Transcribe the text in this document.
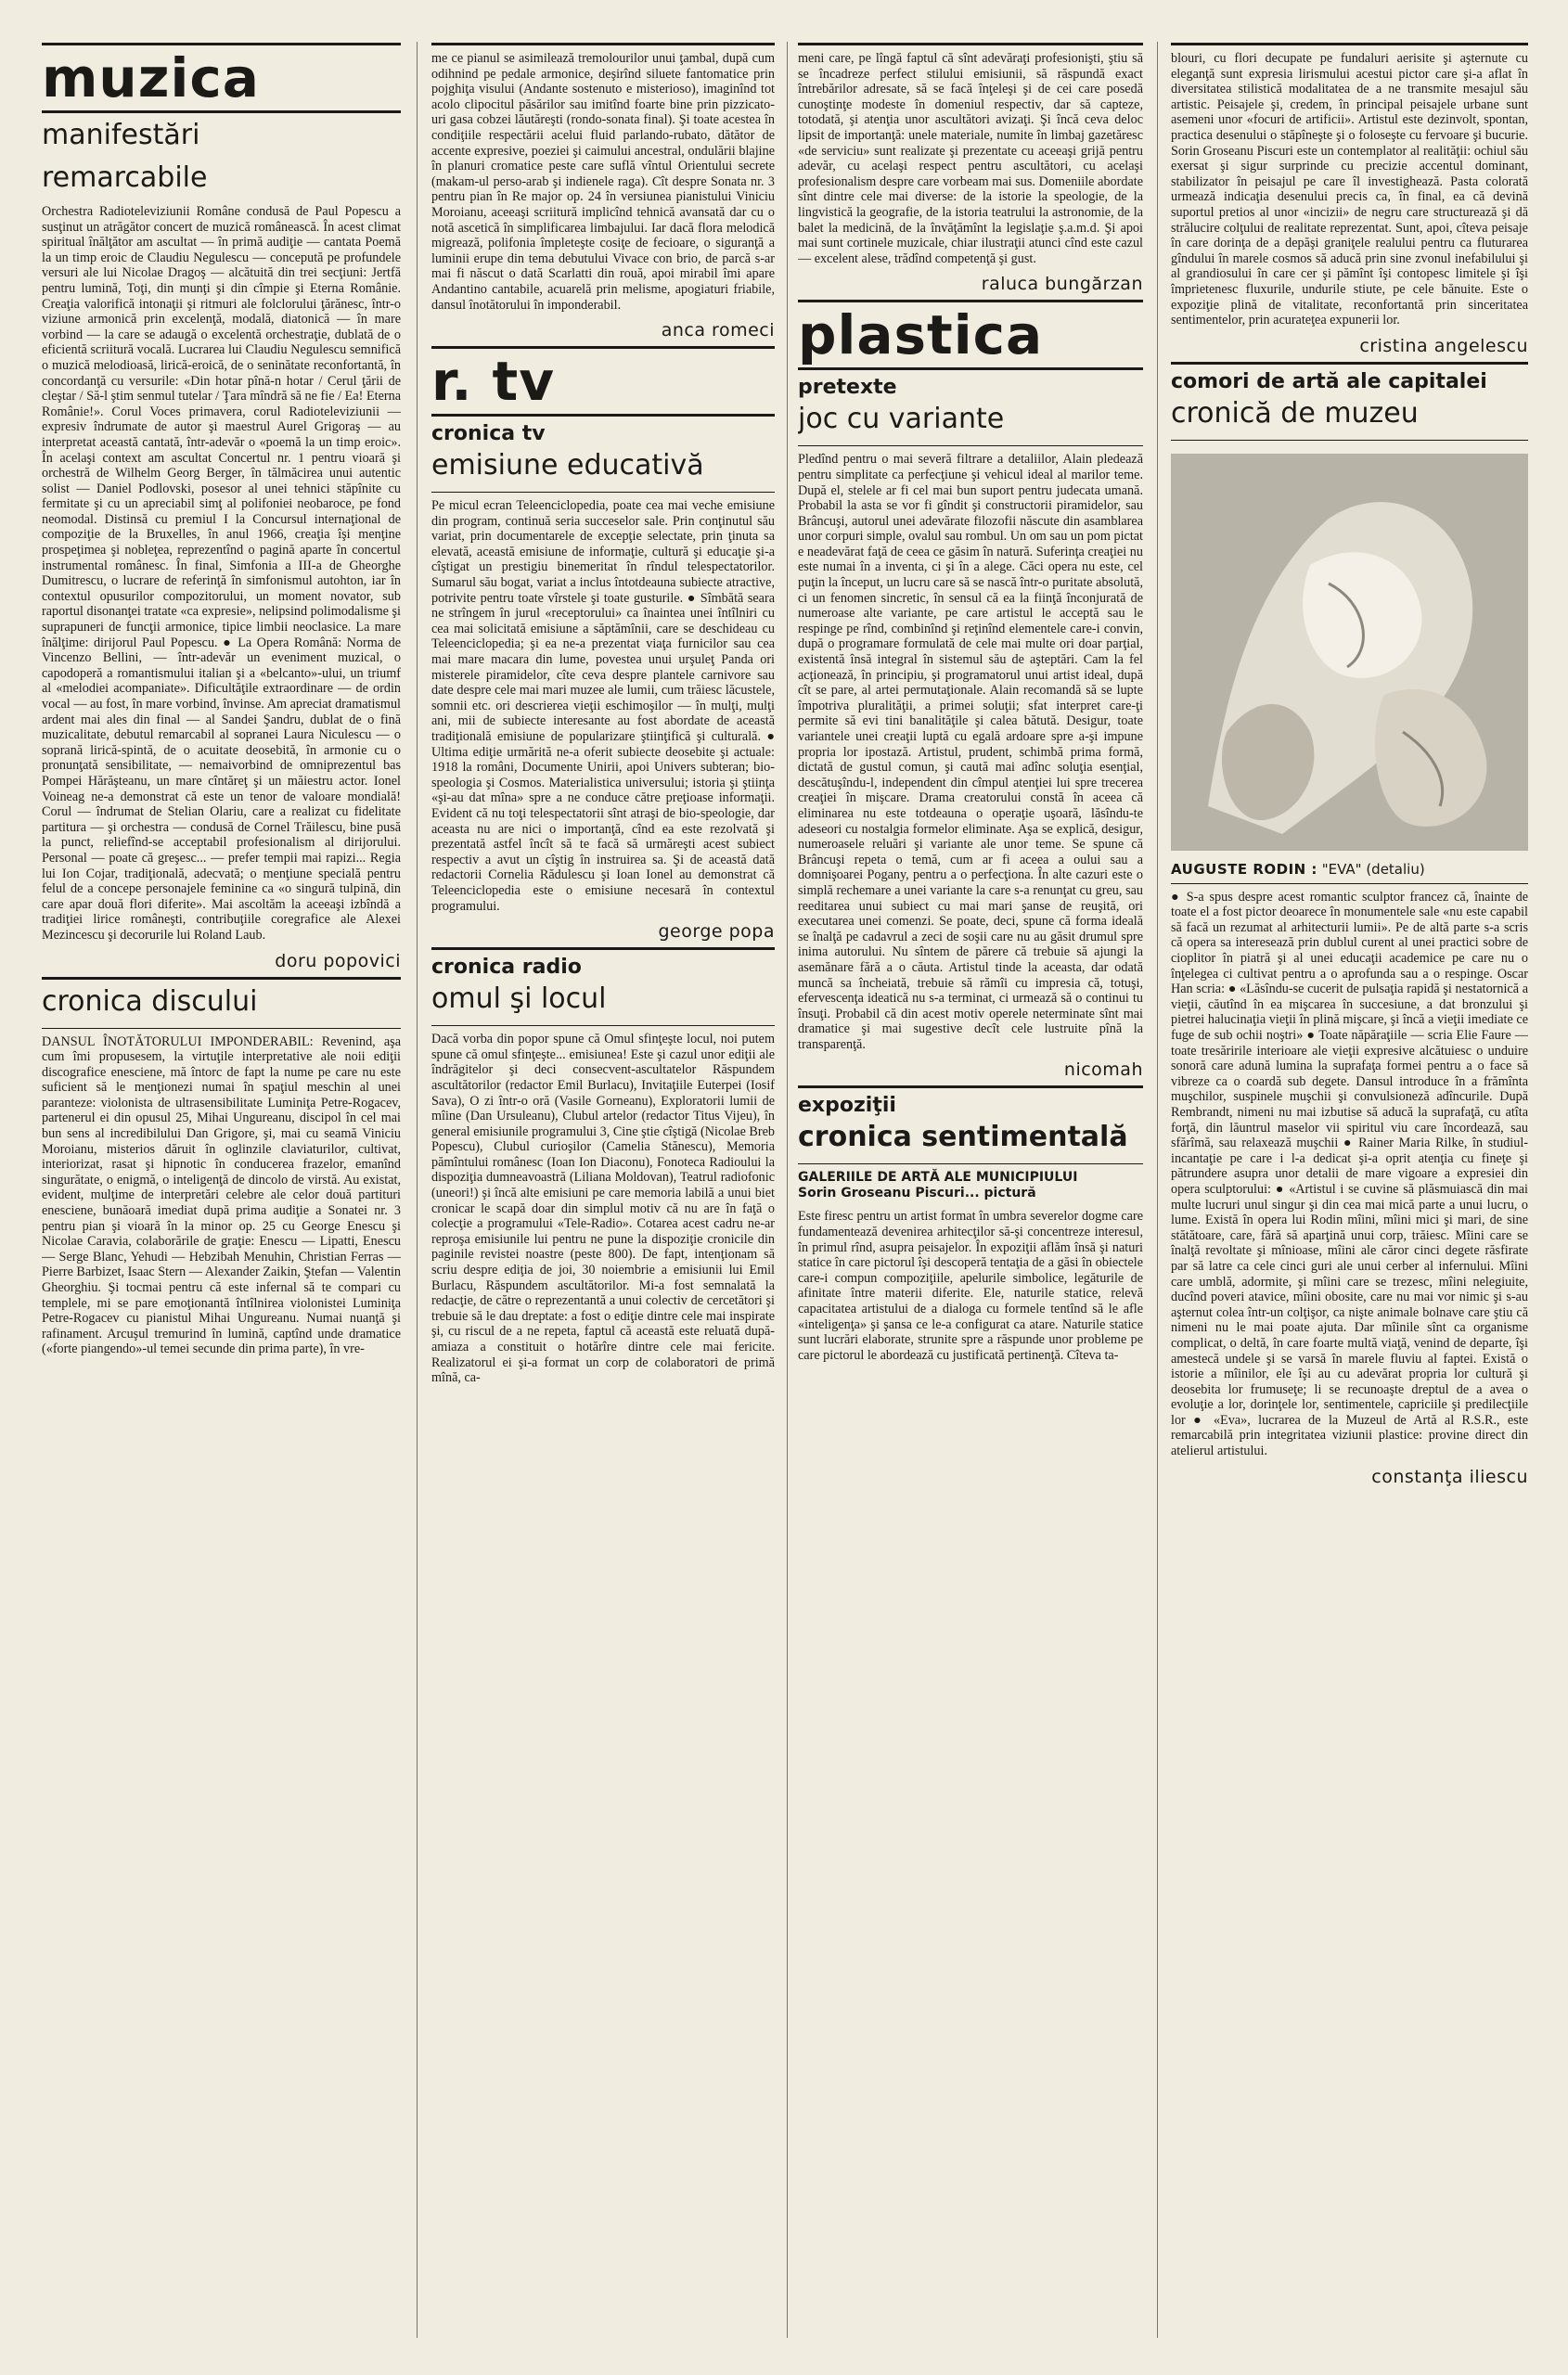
muzica
manifestări
remarcabile

Orchestra Radioteleviziunii Române condusă de Paul Popescu a susţinut un atrăgător concert de muzică românească. În acest climat spiritual înălţător am ascultat — în primă audiţie — cantata Poemă la un timp eroic de Claudiu Negulescu — concepută pe profundele versuri ale lui Nicolae Dragoş — alcătuită din trei secţiuni: Jertfă pentru lumină, Toţi, din munţi şi din cîmpie şi Eterna Românie. Creaţia valorifică intonaţii şi ritmuri ale folclorului ţărănesc, într-o viziune armonică prin excelenţă, modală, diatonică — în mare vorbind — la care se adaugă o excelentă orchestraţie, dublată de o eficientă scriitură vocală. Lucrarea lui Claudiu Negulescu semnifică o muzică melodioasă, lirică-eroică, de o seninătate reconfortantă, în concordanţă cu versurile: «Din hotar pînă-n hotar / Cerul ţării de cleştar / Să-l ştim senmul tutelar / Ţara mîndră să ne fie / Ea! Eterna Românie!». Corul Voces primavera, corul Radioteleviziunii — expresiv îndrumate de autor şi maestrul Aurel Grigoraş — au interpretat această cantată, într-adevăr o «poemă la un timp eroic». În acelaşi context am ascultat Concertul nr. 1 pentru vioară şi orchestră de Wilhelm Georg Berger, în tălmăcirea unui autentic solist — Daniel Podlovski, posesor al unei tehnici stăpînite cu fermitate şi cu un apreciabil simţ al polifoniei neobaroce, pe fond neomodal. Distinsă cu premiul I la Concursul internaţional de compoziţie de la Bruxelles, în anul 1966, creaţia îşi menţine prospeţimea şi nobleţea, reprezentînd o pagină aparte în concertul instrumental românesc. În final, Simfonia a III-a de Gheorghe Dumitrescu, o lucrare de referinţă în simfonismul autohton, iar în contextul opusurilor compozitorului, un moment novator, sub raportul disonanţei tratate «ca expresie», nelipsind polimodalisme şi suprapuneri de funcţii armonice, tipice limbii neoclasice. La mare înălţime: dirijorul Paul Popescu. ● La Opera Română: Norma de Vincenzo Bellini, — într-adevăr un eveniment muzical, o capodoperă a romantismului italian şi a «belcanto»-ului, un triumf al «melodiei acompaniate». Dificultăţile extraordinare — de ordin vocal — au fost, în mare vorbind, învinse. Am apreciat dramatismul ardent mai ales din final — al Sandei Şandru, dublat de o fină muzicalitate, debutul remarcabil al sopranei Laura Niculescu — o soprană lirică-spintă, de o acuitate deosebită, în armonie cu o pronunţată sensibilitate, — nemaivorbind de omniprezentul bas Pompei Hărăşteanu, un mare cîntăreţ şi un măiestru actor. Ionel Voineag ne-a demonstrat că este un tenor de valoare mondială! Corul — îndrumat de Stelian Olariu, care a realizat cu fidelitate partitura — şi orchestra — condusă de Cornel Trăilescu, bine pusă la punct, reliefînd-se acceptabil profesionalism al dirijorului. Personal — poate că greşesc... — prefer tempii mai rapizi... Regia lui Ion Cojar, tradiţională, adecvată; o menţiune specială pentru felul de a concepe personajele feminine ca «o singură tulpină, din care apar două flori diferite». Mai ascoltăm la aceeaşi izbîndă a tradiţiei lirice româneşti, contribuţiile coregrafice ale Alexei Mezincescu şi decorurile lui Roland Laub.

doru popovici
cronica discului

DANSUL ÎNOTĂTORULUI IMPONDERABIL: Revenind, aşa cum îmi propusesem, la virtuţile interpretative ale noii ediţii discografice enesciene, mă întorc de fapt la nume pe care nu este suficient să le menţionezi numai în spaţiul meschin al unei paranteze: violonista de ultrasensibilitate Luminiţa Petre-Rogacev, partenerul ei din opusul 25, Mihai Ungureanu, discipol în cel mai bun sens al incredibilului Dan Grigore, şi, mai cu seamă Viniciu Moroianu, misterios dăruit în oglinzile claviaturilor, cultivat, interiorizat, rasat şi hipnotic în conducerea frazelor, emanînd singurătate, o enigmă, o inteligenţă de dincolo de virstă. Au existat, evident, mulţime de interpretări celebre ale celor două partituri enesciene, bunăoară imediat după prima audiţie a Sonatei nr. 3 pentru pian şi vioară în la minor op. 25 cu George Enescu şi Nicolae Caravia, colaborările de graţie: Enescu — Lipatti, Enescu — Serge Blanc, Yehudi — Hebzibah Menuhin, Christian Ferras — Pierre Barbizet, Isaac Stern — Alexander Zaikin, Ştefan — Valentin Gheorghiu. Şi tocmai pentru că este infernal să te compari cu templele, mi se pare emoţionantă întîlnirea violonistei Luminiţa Petre-Rogacev cu pianistul Mihai Ungureanu. Numai nuanţă şi rafinament. Arcuşul tremurind în lumină, captînd unde dramatice («forte piangendo»-ul temei secunde din prima parte), în vre-

me ce pianul se asimilează tremolourilor unui ţambal, după cum odihnind pe pedale armonice, deşirînd siluete fantomatice prin pojghiţa visului (Andante sostenuto e misterioso), imaginînd tot acolo clipocitul păsărilor sau imitînd foarte bine prin pizzicato-uri gasa cobzei lăutăreşti (rondo-sonata final). Şi toate acestea în condiţiile respectării acelui fluid parlando-rubato, dătător de accente expresive, poeziei şi caimului ancestral, ondulării blajine în planuri cromatice peste care suflă vîntul Orientului secrete (makam-ul perso-arab şi indienele raga). Cît despre Sonata nr. 3 pentru pian în Re major op. 24 în versiunea pianistului Viniciu Moroianu, aceeaşi scriitură implicînd tehnică avansată dar cu o notă ascetică în simplificarea limbajului. Iar dacă flora melodică migrează, polifonia împleteşte cosiţe de fecioare, o siguranţă a luminii erupe din tema debutului Vivace con brio, de parcă s-ar mai fi născut o dată Scarlatti din rouă, apoi mirabil îmi apare Andantino cantabile, acuarelă prin melisme, apogiaturi friabile, dansul înotătorului în imponderabil.

anca romeci
r. tv
cronica tv
emisiune educativă

Pe micul ecran Teleenciclopedia, poate cea mai veche emisiune din program, continuă seria succeselor sale. Prin conţinutul său variat, prin documentarele de excepţie selectate, prin ţinuta sa elevată, această emisiune de informaţie, cultură şi educaţie şi-a cîştigat un prestigiu binemeritat în rîndul telespectatorilor. Sumarul său bogat, variat a inclus întotdeauna subiecte atractive, potrivite pentru toate vîrstele şi toate gusturile. ● Sîmbătă seara ne strîngem în jurul «receptorului» ca înaintea unei întîlniri cu cea mai solicitată emisiune a săptămînii, care se deschideau cu Teleenciclopedia; şi ea ne-a prezentat viaţa furnicilor sau cea mai mare macara din lume, povestea unui urşuleţ Panda ori misterele piramidelor, cîte ceva despre plantele carnivore sau date despre cele mai mari muzee ale lumii, cum trăiesc lăcustele, somnii etc. ori descrierea vieţii eschimoşilor — în mulţi, mulţi ani, mii de subiecte interesante au fost abordate de această tradiţională emisiune de popularizare ştiinţifică şi culturală. ● Ultima ediţie urmărită ne-a oferit subiecte deosebite şi actuale: 1918 la români, Documente Unirii, apoi Univers subteran; bio-speologia şi Cosmos. Materialistica universului; istoria şi ştiinţa «şi-au dat mîna» spre a ne conduce către preţioase informaţii. Evident că nu toţi telespectatorii sînt atraşi de bio-speologie, dar aceasta nu are nici o importanţă, cînd ea este rezolvată şi prezentată astfel încît să te facă să urmăreşti acest subiect respectiv a avut un cîştig în instruirea sa. Şi de această dată redactorii Cornelia Rădulescu şi Ioan Ionel au demonstrat că Teleenciclopedia este o emisiune necesară în contextul programului.

george popa
cronica radio
omul şi locul

Dacă vorba din popor spune că Omul sfinţeşte locul, noi putem spune că omul sfinţeşte... emisiunea! Este şi cazul unor ediţii ale îndrăgitelor şi deci consecvent-ascultatelor Răspundem ascultătorilor (redactor Emil Burlacu), Invitaţiile Euterpei (Iosif Sava), O zi într-o oră (Vasile Gorneanu), Exploratorii lumii de mîine (Dan Ursuleanu), Clubul artelor (redactor Titus Vijeu), în general emisiunile programului 3, Cine ştie cîştigă (Nicolae Breb Popescu), Clubul curioşilor (Camelia Stănescu), Memoria pămîntului românesc (Ioan Ion Diaconu), Fonoteca Radioului la dispoziţia dumneavoastră (Liliana Moldovan), Teatrul radiofonic (uneori!) şi încă alte emisiuni pe care memoria labilă a unui biet cronicar le scapă doar din simplul motiv că nu are în faţă o colecţie a programului «Tele-Radio». Cotarea acest cadru ne-ar reproşa emisiunile lui pentru ne pune la dispoziţie cronicile din paginile revistei noastre (peste 800). De fapt, intenţionam să scriu despre ediţia de joi, 30 noiembrie a emisiunii lui Emil Burlacu, Răspundem ascultătorilor. Mi-a fost semnalată la redacţie, de către o reprezentantă a unui colectiv de cercetători şi trebuie să le dau dreptate: a fost o ediţie dintre cele mai inspirate şi, cu riscul de a ne repeta, faptul că această este reluată după-amiaza a constituit o hotărîre dintre cele mai fericite. Realizatorul ei şi-a format un corp de colaboratori de primă mînă, ca-

meni care, pe lîngă faptul că sînt adevăraţi profesionişti, ştiu să se încadreze perfect stilului emisiunii, să răspundă exact întrebărilor adresate, să se facă înţeleşi şi de cei care posedă cunoştinţe modeste în domeniul respectiv, dar să capteze, totodată, şi atenţia unor ascultători avizaţi. Şi încă ceva deloc lipsit de importanţă: unele materiale, numite în limbaj gazetăresc «de serviciu» sunt realizate şi prezentate cu aceeaşi grijă pentru adevăr, cu acelaşi respect pentru ascultători, cu acelaşi profesionalism despre care vorbeam mai sus. Domeniile abordate sînt dintre cele mai diverse: de la istorie la speologie, de la lingvistică la geografie, de la istoria teatrului la astronomie, de la balet la medicină, de la învăţămînt la legislaţie ş.a.m.d. Şi apoi mai sunt cortinele muzicale, chiar ilustraţii atunci cînd este cazul — excelent alese, trădînd competenţă şi gust.

raluca bungărzan
plastica
pretexte
joc cu variante

Pledînd pentru o mai severă filtrare a detaliilor, Alain pledează pentru simplitate ca perfecţiune şi vehicul ideal al marilor teme. După el, stelele ar fi cel mai bun suport pentru judecata umană. Probabil la asta se vor fi gîndit şi constructorii piramidelor, sau Brâncuşi, autorul unei adevărate filozofii născute din asamblarea unor corpuri simple, ovalul sau rombul. Un om sau un pom pictat e neadevărat faţă de ceea ce găsim în natură. Suferinţa creaţiei nu este numai în a inventa, ci şi în a alege. Căci opera nu este, cel puţin la început, un lucru care să se nască într-o puritate absolută, ci un fenomen sincretic, în sensul că ea la fiinţă înconjurată de numeroase alte variante, pe care artistul le acceptă sau le respinge pe rînd, combinînd şi reţinînd elementele care-i convin, după o programare formulată de cele mai multe ori doar parţial, existentă însă integral în sistemul său de aşteptări. Cam la fel acţionează, în principiu, şi programatorul unui artist ideal, după cît se pare, al artei permutaţionale. Alain recomandă să se lupte împotriva pluralităţii, a primei soluţii; sfat interpret care-ţi permite să evi tini banalităţile şi calea bătută. Desigur, toate variantele unei creaţii luptă cu egală ardoare spre a-şi impune propria lor ipostază. Artistul, prudent, schimbă prima formă, dictată de gustul comun, şi caută mai adînc soluţia esenţial, descătuşîndu-l, independent din cîmpul atenţiei lui spre trecerea creaţiei în mişcare. Drama creatorului constă în aceea că eliminarea nu este totdeauna o operaţie uşoară, lăsîndu-te adeseori cu nostalgia formelor eliminate. Aşa se explică, desigur, numeroasele reluări şi variante ale unor teme. Se spune că Brâncuşi repeta o temă, cum ar fi aceea a oului sau a domnişoarei Pogany, pentru a o perfecţiona. În alte cazuri este o simplă rechemare a unei variante la care s-a renunţat cu greu, sau reeditarea unui subiect cu mai mari şanse de reuşită, ori executarea unei comenzi. Se poate, deci, spune că forma ideală se înalţă pe cadavrul a zeci de soşii care nu au găsit drumul spre inima autorului. Nu sîntem de părere că trebuie să ajungi la asemănare fără a o căuta. Artistul tinde la aceasta, dar odată muncă sa încheiată, trebuie să rămîi cu impresia că, totuşi, efervescenţa ideatică nu s-a terminat, ci urmează să o continui tu însuţi. Probabil că din acest motiv operele neterminate sînt mai dramatice şi mai sugestive decît cele lustruite pînă la transparenţă.

nicomah
expoziţii
cronica sentimentală

GALERIILE DE ARTĂ ALE MUNICIPIULUI
Sorin Groseanu Piscuri... pictură

Este firesc pentru un artist format în umbra severelor dogme care fundamentează devenirea arhitecţilor să-şi concentreze interesul, în primul rînd, asupra peisajelor. În expoziţii aflăm însă şi naturi statice în care pictorul îşi descoperă tentaţia de a găsi în obiectele care-i compun compoziţiile, apelurile simbolice, legăturile de afinitate între materii diferite. Ele, naturile statice, relevă capacitatea artistului de a dialoga cu formele tentînd să le afle «inteligenţa» şi şansa ce le-a configurat ca atare. Naturile statice sunt lucrări elaborate, strunite spre a răspunde unor probleme pe care pictorul le abordează cu justificată pertinenţă. Cîteva ta-

blouri, cu flori decupate pe fundaluri aerisite şi aşternute cu eleganţă sunt expresia lirismului acestui pictor care şi-a aflat în diversitatea stilistică modalitatea de a ne transmite mesajul său artistic. Peisajele şi, credem, în principal peisajele urbane sunt asemeni unor «focuri de artificii». Artistul este dezinvolt, spontan, practica desenului o stăpîneşte şi o foloseşte cu fervoare şi bucurie. Sorin Groseanu Piscuri este un contemplator al realităţii: ochiul său exersat şi sigur surprinde cu precizie accentul dominant, stabilizator în peisajul pe care îl investighează. Pasta colorată urmează indicaţia desenului precis ca, în final, ea că devină suportul pretios al unor «incizii» de negru care structurează şi dă strălucire colţului de realitate reprezentat. Sunt, apoi, cîteva peisaje în care dorinţa de a depăşi graniţele realului pentru ca fluturarea gîndului în marele cosmos să aducă prin sine zvonul inefabilului şi al grandiosului în care cer şi pămînt îşi contopesc limitele şi îşi împrietenesc fluxurile, undurile stiute, pe cele bănuite. Este o expoziţie plină de vitalitate, reconfortantă prin sinceritatea sentimentelor, prin acurateţea expunerii lor.

cristina angelescu
comori de artă ale capitalei
cronică de muzeu
AUGUSTE RODIN : "EVA" (detaliu)

● S-a spus despre acest romantic sculptor francez că, înainte de toate el a fost pictor deoarece în monumentele sale «nu este capabil să facă un rezumat al arhitecturii lumii». Pe de altă parte s-a scris că opera sa interesează prin dublul curent al unei practici sobre de cioplitor în piatră şi al unei educaţii academice pe care nu o înţelegea ci cultivat pentru a o aprofunda sau a o respinge. Oscar Han scria: ● «Lăsîndu-se cucerit de pulsaţia rapidă şi nestatornică a vieţii, căutînd în ea mişcarea în succesiune, a dat bronzului şi pietrei halucinaţia vieţii în plină mişcare, şi încă a vieţii imediate ce fuge de sub ochii noştri» ● Toate năpăraţiile — scria Elie Faure — toate tresăririle interioare ale vieţii expresive alcătuiesc o unduire sonoră care adună lumina la suprafaţa formei pentru a o face să vibreze ca o coardă sub degete. Dansul introduce în a frămînta muşchilor, suspinele muşchii şi convulsioneză adîncurile. După Rembrandt, nimeni nu mai izbutise să aducă la suprafaţă, cu atîta forţă, din lăuntrul maselor vii spiritul viu care încordează, sau sfărîmă, sau relaxează muşchii ● Rainer Maria Rilke, în studiul-incantaţie pe care i l-a dedicat şi-a oprit atenţia cu fineţe şi pătrundere asupra unor detalii de mare vigoare a expresiei din opera sculptorului: ● «Artistul i se cuvine să plăsmuiască din mai multe lucruri unul singur şi din cea mai mică parte a unui lucru, o lume. Există în opera lui Rodin mîini, mîini mici şi mari, de sine stătătoare, care, fără să aparţină unui corp, trăiesc. Mîini care se înalţă revoltate şi mînioase, mîini ale căror cinci degete răsfirate par să latre ca cele cinci guri ale unui cerber al infernului. Mîini care umblă, adormite, şi mîini care se trezesc, mîini nelegiuite, ducînd poveri atavice, mîini obosite, care nu mai vor nimic şi s-au aşternut colea într-un colţişor, ca nişte animale bolnave care ştiu că nimeni nu le mai poate ajuta. Dar mîinile sînt ca organisme complicat, o deltă, în care foarte multă viaţă, venind de departe, îşi amestecă undele şi se varsă în marele fluviu al faptei. Există o istorie a mîinilor, ele îşi au cu adevărat propria lor cultură şi deosebita lor frumuseţe; li se recunoaşte dreptul de a avea o evoluţie a lor, dorinţele lor, sentimentele, capriciile şi predilecţiile lor ● «Eva», lucrarea de la Muzeul de Artă al R.S.R., este remarcabilă prin integritatea viziunii plastice: provine direct din atelierul artistului.

constanţa iliescu
